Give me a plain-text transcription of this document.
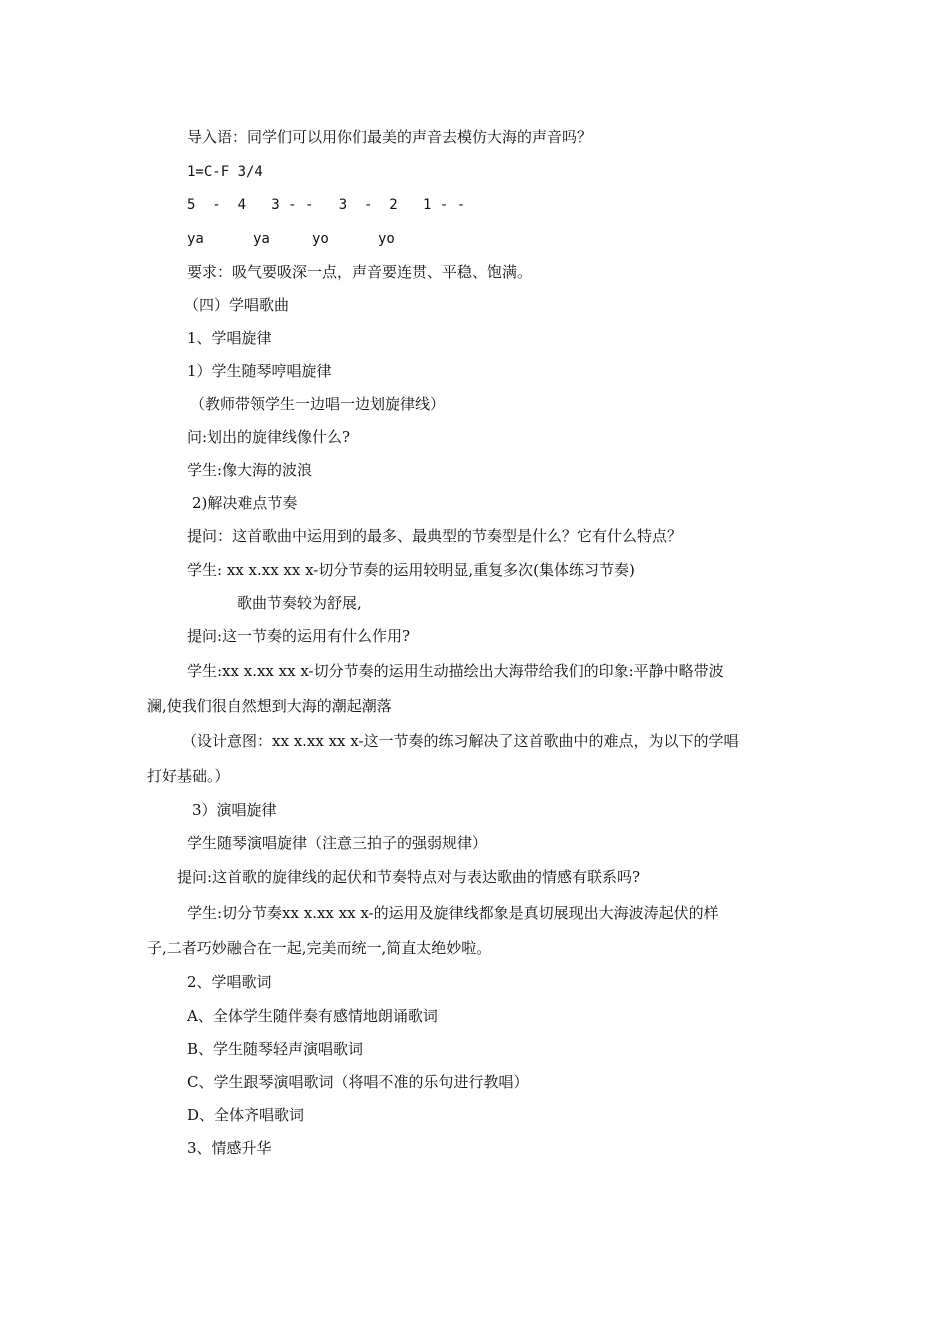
导入语：同学们可以用你们最美的声音去模仿大海的声音吗？
1=C-F 3/4
5  -  4   3 - -   3  -  2   1 - -
ya	ya	yo	yo
要求：吸气要吸深一点，声音要连贯、平稳、饱满。
（四）学唱歌曲
1、学唱旋律
1）学生随琴哼唱旋律
（教师带领学生一边唱一边划旋律线）
问:划出的旋律线像什么?
学生:像大海的波浪
2)解决难点节奏
提问：这首歌曲中运用到的最多、最典型的节奏型是什么？它有什么特点？
学生: xx x.xx xx x-切分节奏的运用较明显,重复多次(集体练习节奏)
歌曲节奏较为舒展,
提问:这一节奏的运用有什么作用?
学生:xx x.xx xx x-切分节奏的运用生动描绘出大海带给我们的印象:平静中略带波
澜,使我们很自然想到大海的潮起潮落
（设计意图：xx x.xx xx x-这一节奏的练习解决了这首歌曲中的难点，为以下的学唱
打好基础。）
3）演唱旋律
学生随琴演唱旋律（注意三拍子的强弱规律）
提问:这首歌的旋律线的起伏和节奏特点对与表达歌曲的情感有联系吗?
学生:切分节奏xx x.xx xx x-的运用及旋律线都象是真切展现出大海波涛起伏的样
子,二者巧妙融合在一起,完美而统一,简直太绝妙啦。
2、学唱歌词
A、全体学生随伴奏有感情地朗诵歌词
B、学生随琴轻声演唱歌词
C、学生跟琴演唱歌词（将唱不准的乐句进行教唱）
D、全体齐唱歌词
3、情感升华
